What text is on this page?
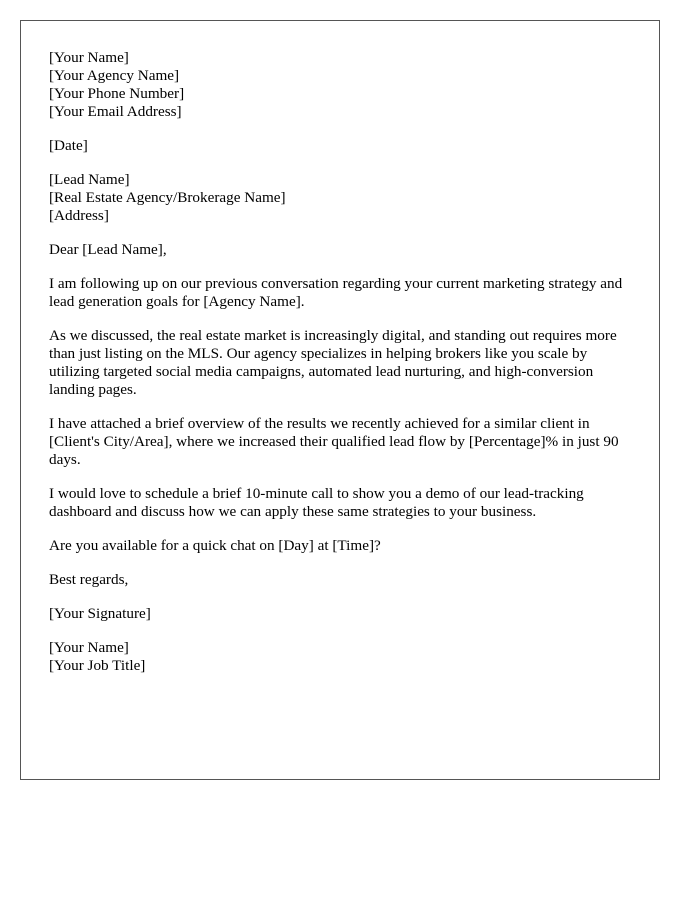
[Your Name]
[Your Agency Name]
[Your Phone Number]
[Your Email Address]
[Date]
[Lead Name]
[Real Estate Agency/Brokerage Name]
[Address]

Dear [Lead Name],

I am following up on our previous conversation regarding your current marketing strategy and lead generation goals for [Agency Name].

As we discussed, the real estate market is increasingly digital, and standing out requires more than just listing on the MLS. Our agency specializes in helping brokers like you scale by utilizing targeted social media campaigns, automated lead nurturing, and high-conversion landing pages.

I have attached a brief overview of the results we recently achieved for a similar client in [Client's City/Area], where we increased their qualified lead flow by [Percentage]% in just 90 days.

I would love to schedule a brief 10-minute call to show you a demo of our lead-tracking dashboard and discuss how we can apply these same strategies to your business.

Are you available for a quick chat on [Day] at [Time]?

Best regards,

[Your Signature]

[Your Name]
[Your Job Title]
